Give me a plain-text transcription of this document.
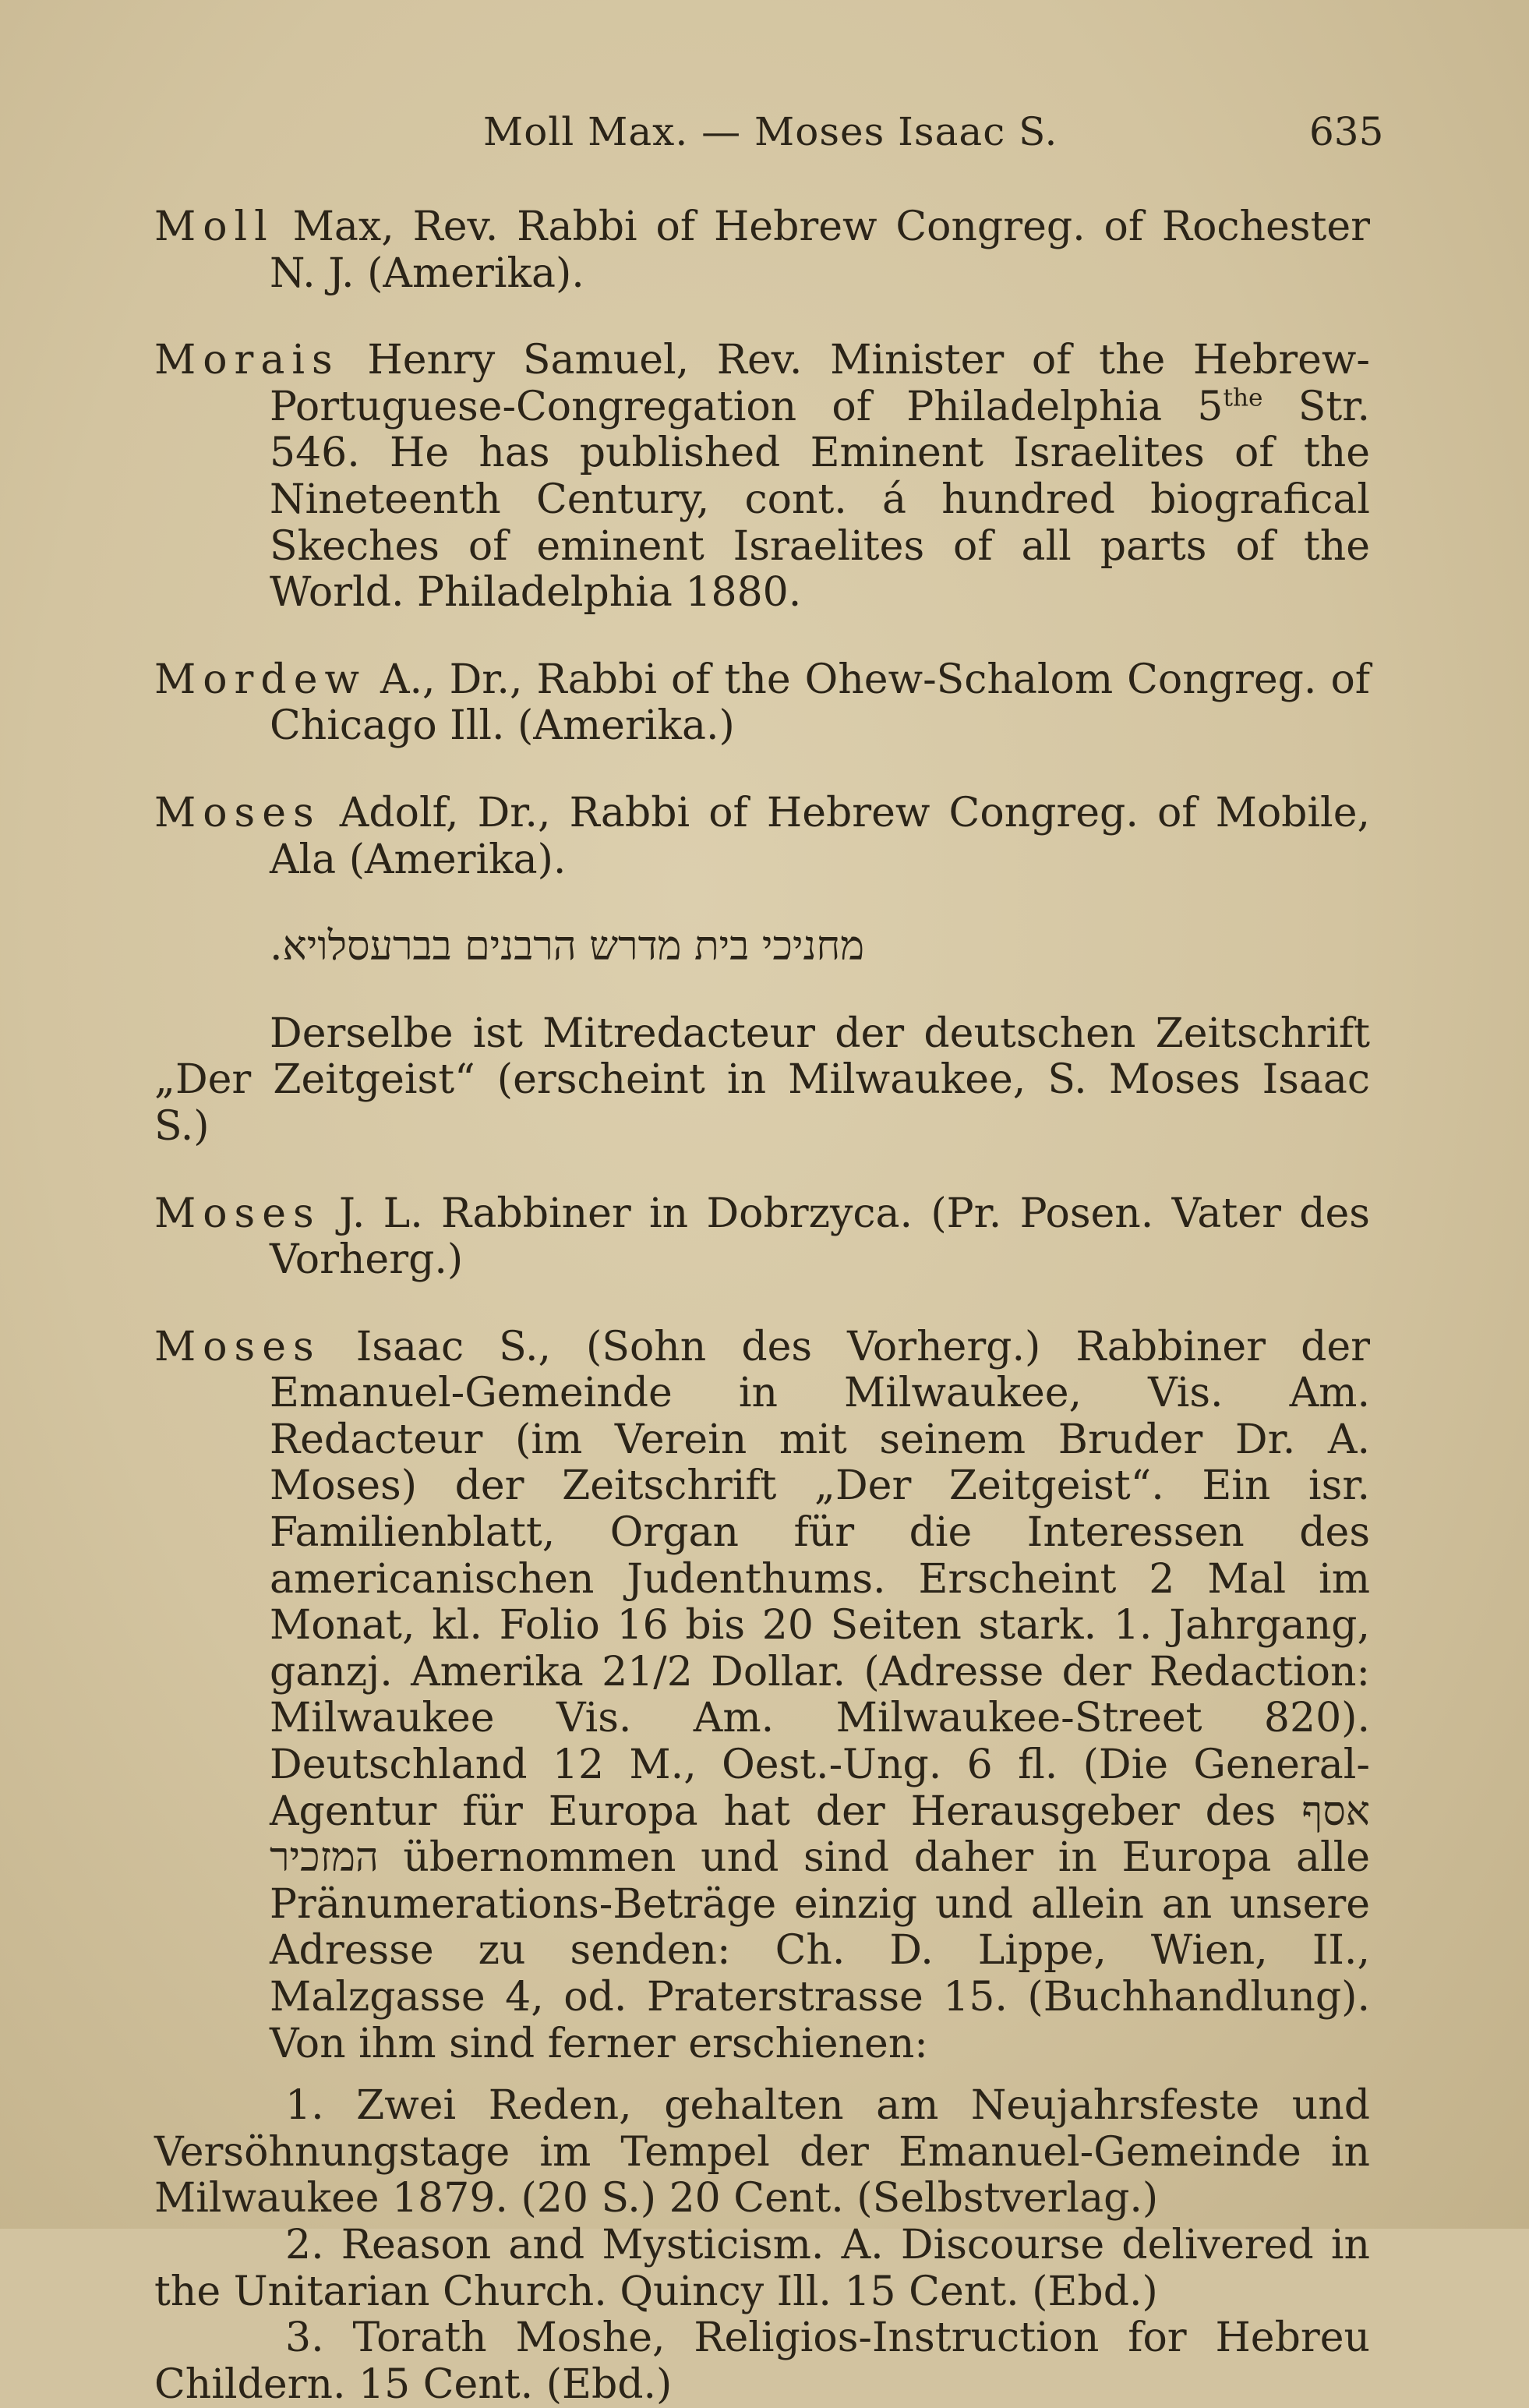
Moll Max. — Moses Isaac S.	635

Moll Max, Rev. Rabbi of Hebrew Congreg. of Rochester N. J. (Amerika).

Morais Henry Samuel, Rev. Minister of the Hebrew-Portuguese-Congregation of Philadelphia $5^{the}$ Str. 546. He has published Eminent Israelites of the Nineteenth Century, cont. á hundred biografical Skeches of eminent Israelites of all parts of the World. Philadelphia 1880.

Mordew A., Dr., Rabbi of the Ohew-Schalom Congreg. of Chicago Ill. (Amerika.)

Moses Adolf, Dr., Rabbi of Hebrew Congreg. of Mobile, Ala (Amerika).

מחניכי בית מדרש הרבנים בברעסלויא.

Derselbe ist Mitredacteur der deutschen Zeitschrift „Der Zeitgeist“ (erscheint in Milwaukee, S. Moses Isaac S.)

Moses J. L. Rabbiner in Dobrzyca. (Pr. Posen. Vater des Vorherg.)

Moses Isaac S., (Sohn des Vorherg.) Rabbiner der Emanuel-Gemeinde in Milwaukee, Vis. Am. Redacteur (im Verein mit seinem Bruder Dr. A. Moses) der Zeitschrift „Der Zeitgeist“. Ein isr. Familienblatt, Organ für die Interessen des americanischen Judenthums. Erscheint 2 Mal im Monat, kl. Folio 16 bis 20 Seiten stark. 1. Jahrgang, ganzj. Amerika 21/2 Dollar. (Adresse der Redaction: Milwaukee Vis. Am. Milwaukee-Street 820). Deutschland 12 M., Oest.-Ung. 6 fl. (Die General-Agentur für Europa hat der Herausgeber des אסף המזכיר übernommen und sind daher in Europa alle Pränumerations-Beträge einzig und allein an unsere Adresse zu senden: Ch. D. Lippe, Wien, II., Malzgasse 4, od. Praterstrasse 15. (Buchhandlung). Von ihm sind ferner erschienen:

1. Zwei Reden, gehalten am Neujahrsfeste und Versöhnungstage im Tempel der Emanuel-Gemeinde in Milwaukee 1879. (20 S.) 20 Cent. (Selbstverlag.)

2. Reason and Mysticism. A. Discourse delivered in the Unitarian Church. Quincy Ill. 15 Cent. (Ebd.)

3. Torath Moshe, Religios-Instruction for Hebreu Childern. 15 Cent. (Ebd.)
